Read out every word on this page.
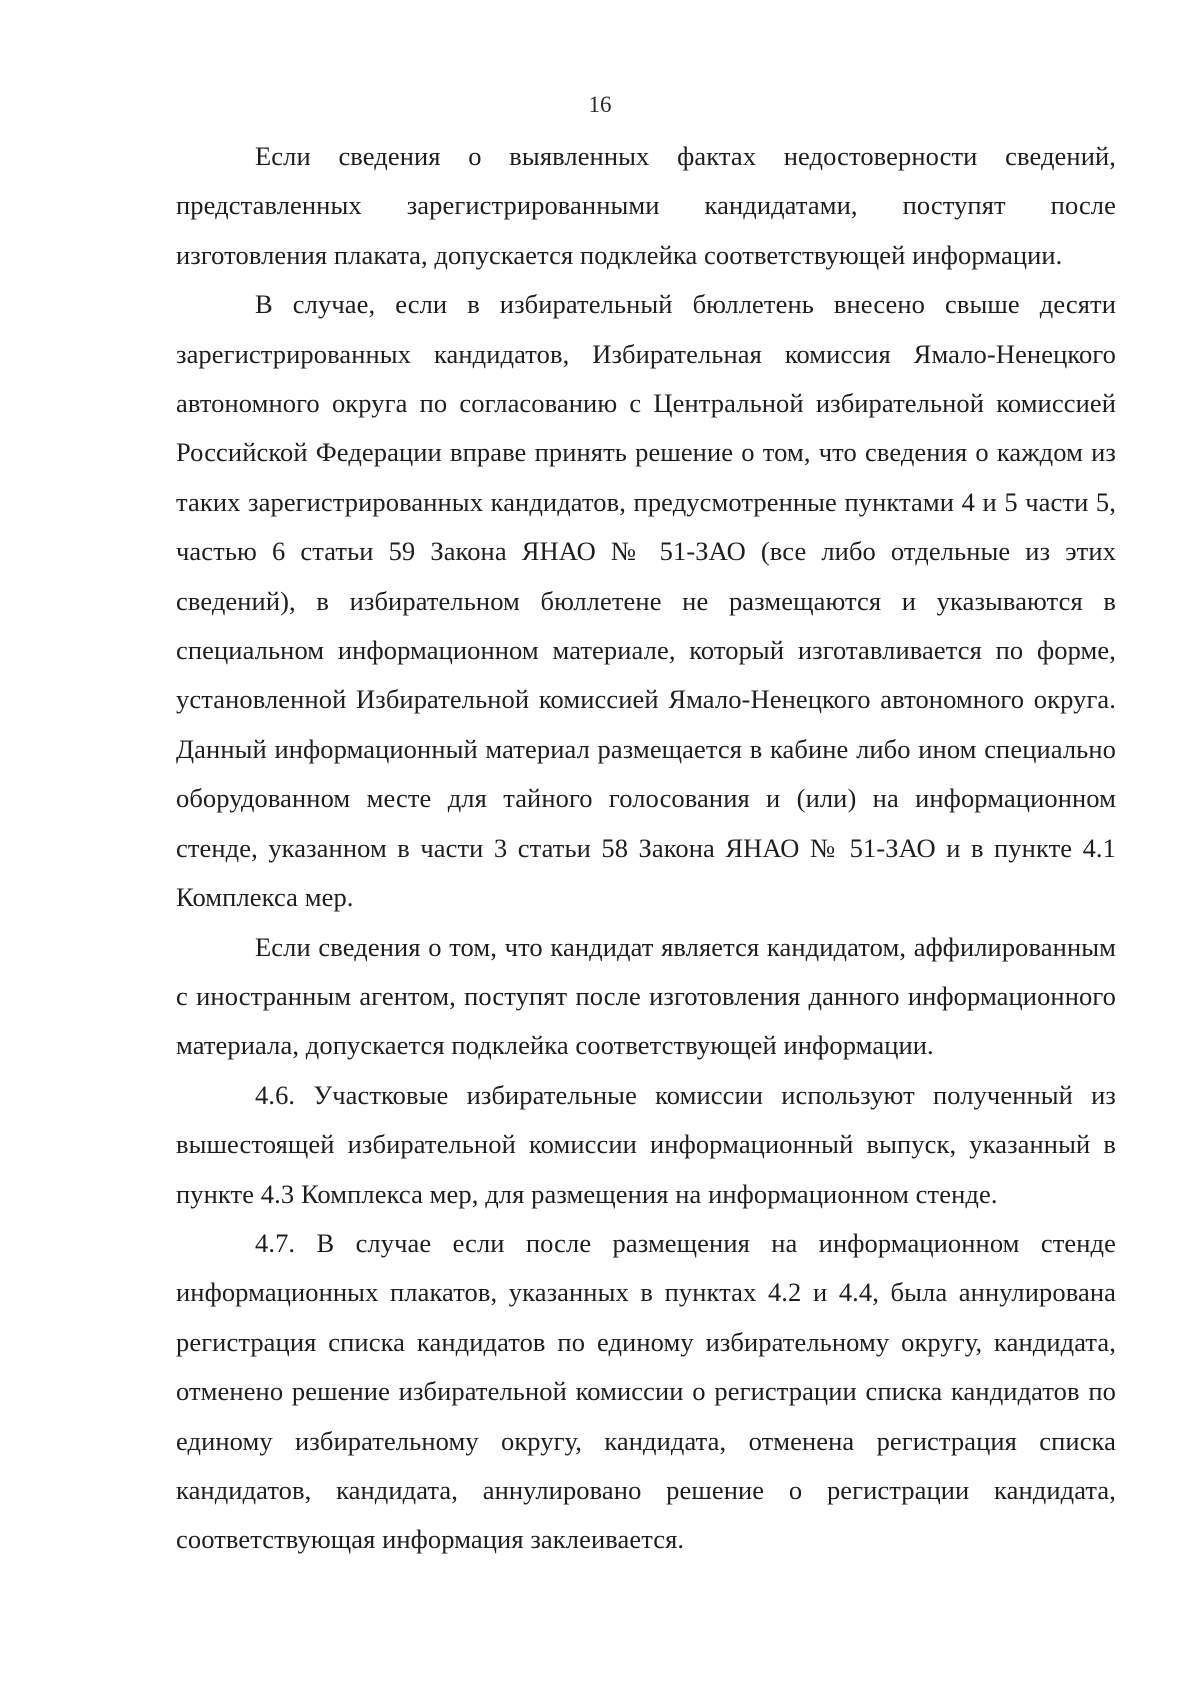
16

Если сведения о выявленных фактах недостоверности сведений, представленных зарегистрированными кандидатами, поступят после изготовления плаката, допускается подклейка соответствующей информации.

В случае, если в избирательный бюллетень внесено свыше десяти зарегистрированных кандидатов, Избирательная комиссия Ямало-Ненецкого автономного округа по согласованию с Центральной избирательной комиссией Российской Федерации вправе принять решение о том, что сведения о каждом из таких зарегистрированных кандидатов, предусмотренные пунктами 4 и 5 части 5, частью 6 статьи 59 Закона ЯНАО № 51-ЗАО (все либо отдельные из этих сведений), в избирательном бюллетене не размещаются и указываются в специальном информационном материале, который изготавливается по форме, установленной Избирательной комиссией Ямало-Ненецкого автономного округа. Данный информационный материал размещается в кабине либо ином специально оборудованном месте для тайного голосования и (или) на информационном стенде, указанном в части 3 статьи 58 Закона ЯНАО № 51-ЗАО и в пункте 4.1 Комплекса мер.

Если сведения о том, что кандидат является кандидатом, аффилированным с иностранным агентом, поступят после изготовления данного информационного материала, допускается подклейка соответствующей информации.

4.6. Участковые избирательные комиссии используют полученный из вышестоящей избирательной комиссии информационный выпуск, указанный в пункте 4.3 Комплекса мер, для размещения на информационном стенде.

4.7. В случае если после размещения на информационном стенде информационных плакатов, указанных в пунктах 4.2 и 4.4, была аннулирована регистрация списка кандидатов по единому избирательному округу, кандидата, отменено решение избирательной комиссии о регистрации списка кандидатов по единому избирательному округу, кандидата, отменена регистрация списка кандидатов, кандидата, аннулировано решение о регистрации кандидата, соответствующая информация заклеивается.
